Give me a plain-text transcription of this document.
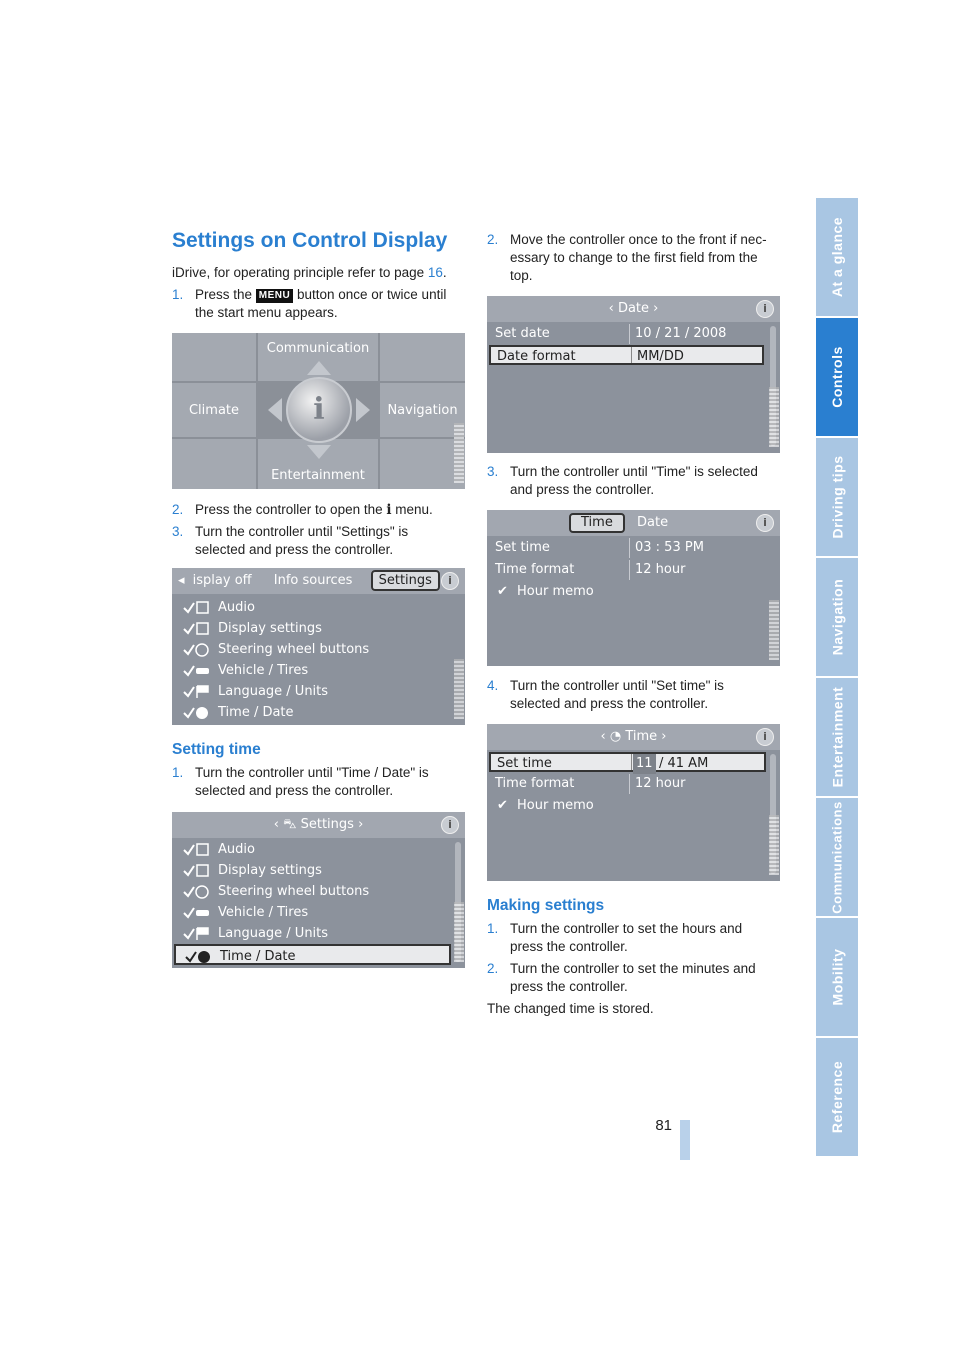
At a glance
Controls
Driving tips
Navigation
Entertainment
Communications
Mobility
Reference
Settings on Control Display
iDrive, for operating principle refer to page 16.
1. Press the MENU button once or twice until
the start menu appears.
Communication
Climate	Navigation
Entertainment
i
2. Press the controller to open the i menu.
3. Turn the controller until "Settings" is
selected and press the controller.
◂ isplay off Info sources Settings	i
Audio
Display settings
Steering wheel buttons
Vehicle / Tires
Language / Units
Time / Date
Setting time
1. Turn the controller until "Time / Date" is
selected and press the controller.
‹ ⛍ Settings ›	i
Audio
Display settings
Steering wheel buttons
Vehicle / Tires
Language / Units
Time / Date
2. Move the controller once to the front if nec-
essary to change to the first field from the
top.
‹ Date ›	i
Set date	10 / 21 / 2008
Date format	MM/DD
3. Turn the controller until "Time" is selected
and press the controller.
Time	Date	i
Set time	03 : 53 PM
Time format	12 hour
✔ Hour memo
4. Turn the controller until "Set time" is
selected and press the controller.
‹ ◔ Time ›	i
Set time	11 / 41 AM
Time format	12 hour
✔ Hour memo
Making settings
1. Turn the controller to set the hours and
press the controller.
2. Turn the controller to set the minutes and
press the controller.
The changed time is stored.
81
